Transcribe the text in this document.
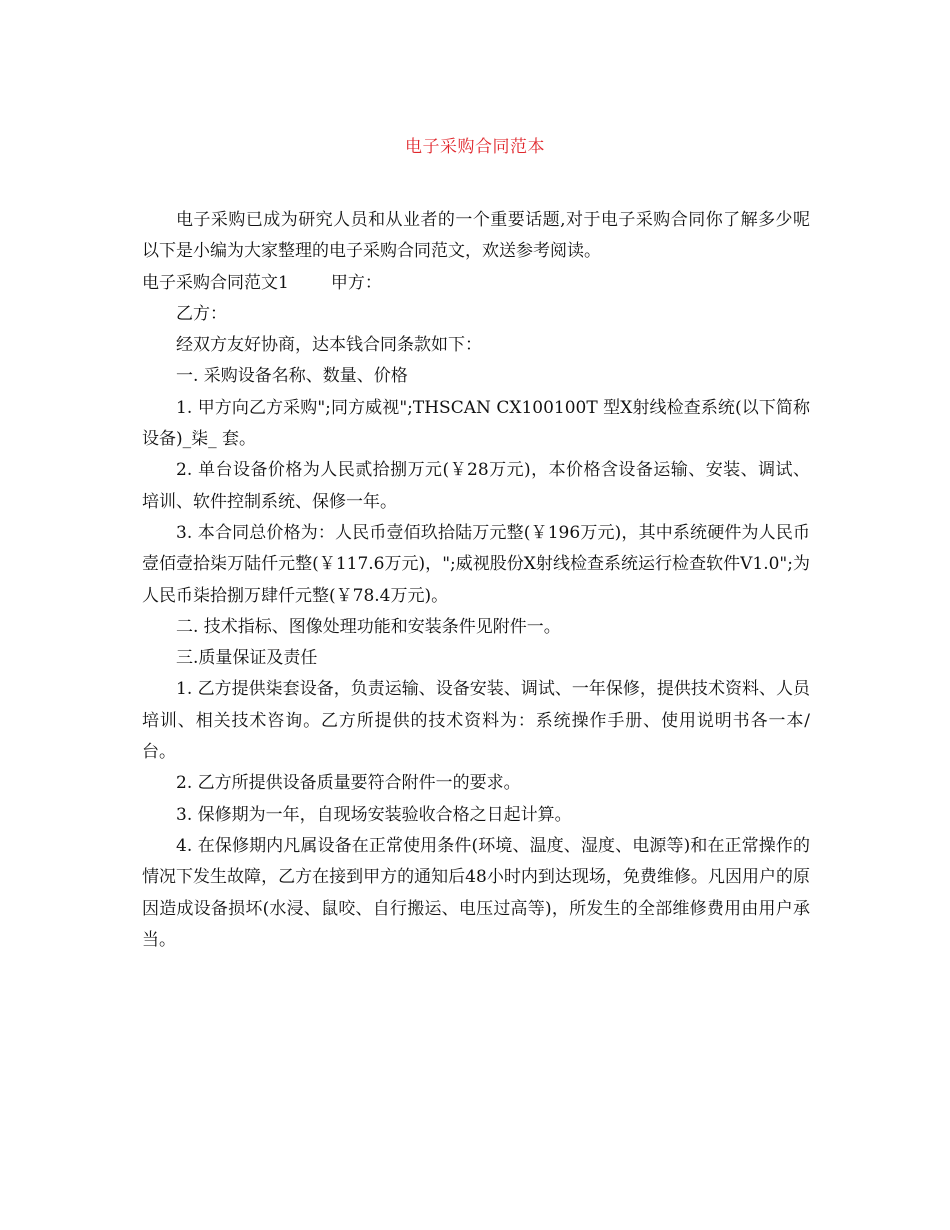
电子采购合同范本

电子采购已成为研究人员和从业者的一个重要话题,对于电子采购合同你了解多少呢以下是小编为大家整理的电子采购合同范文，欢送参考阅读。

电子采购合同范文1 甲方：

乙方：

经双方友好协商，达本钱合同条款如下：

一. 采购设备名称、数量、价格

1. 甲方向乙方采购";同方威视";THSCAN CX100100T 型X射线检查系统(以下简称设备)_柒_ 套。

2. 单台设备价格为人民贰拾捌万元(￥28万元)，本价格含设备运输、安装、调试、培训、软件控制系统、保修一年。

3. 本合同总价格为：人民币壹佰玖拾陆万元整(￥196万元)，其中系统硬件为人民币壹佰壹拾柒万陆仟元整(￥117.6万元)，";威视股份X射线检查系统运行检查软件V1.0";为人民币柒拾捌万肆仟元整(￥78.4万元)。

二. 技术指标、图像处理功能和安装条件见附件一。

三.质量保证及责任

1. 乙方提供柒套设备，负责运输、设备安装、调试、一年保修，提供技术资料、人员培训、相关技术咨询。乙方所提供的技术资料为：系统操作手册、使用说明书各一本/台。

2. 乙方所提供设备质量要符合附件一的要求。

3. 保修期为一年，自现场安装验收合格之日起计算。

4. 在保修期内凡属设备在正常使用条件(环境、温度、湿度、电源等)和在正常操作的情况下发生故障，乙方在接到甲方的通知后48小时内到达现场，免费维修。凡因用户的原因造成设备损坏(水浸、鼠咬、自行搬运、电压过高等)，所发生的全部维修费用由用户承当。
